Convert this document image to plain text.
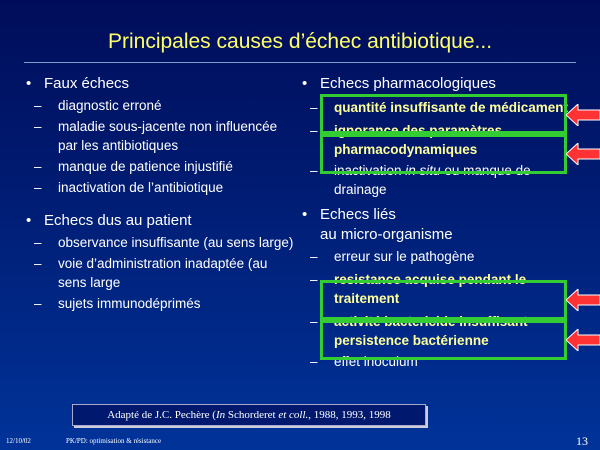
Principales causes d’échec antibiotique...
• Faux échecs
– diagnostic erroné
– maladie sous-jacente non influencée par les antibiotiques
– manque de patience injustifié
– inactivation de l’antibiotique
• Echecs dus au patient
– observance insuffisante (au sens large)
– voie d’administration inadaptée (au sens large
– sujets immunodéprimés
• Echecs pharmacologiques
– quantité insuffisante de médicament
– ignorance des paramètres pharmacodynamiques
– inactivation in situ ou manque de drainage
• Echecs liés
au micro-organisme
– erreur sur le pathogène
– resistance acquise pendant le traitement
– activité bactericide insuffisant persistence bactérienne
– effet inoculum
Adapté de J.C. Pechère (In Schorderet et coll., 1988, 1993, 1998
12/10/02	PK/PD: optimisation & résistance	13
